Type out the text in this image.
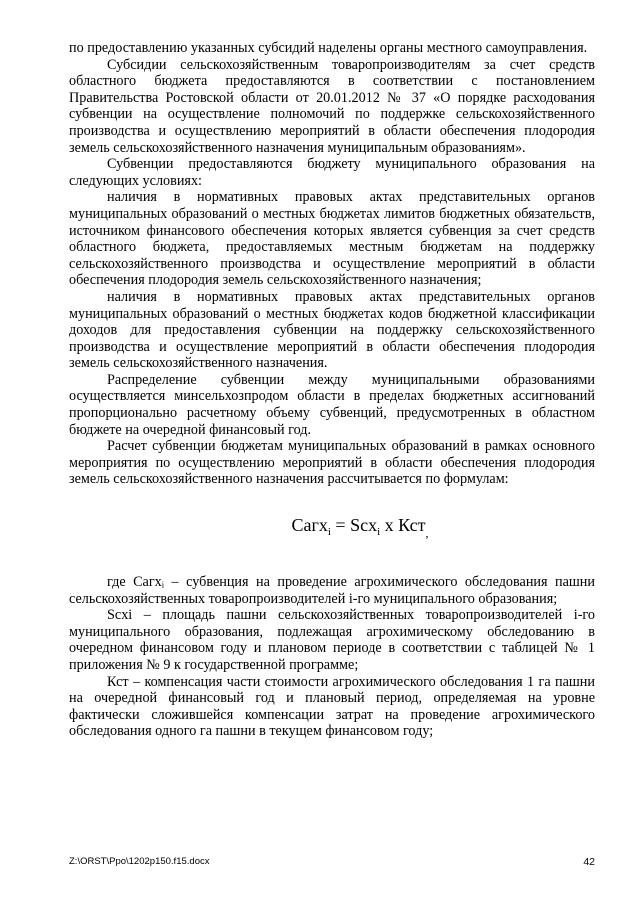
по предоставлению указанных субсидий наделены органы местного самоуправления.

Субсидии сельскохозяйственным товаропроизводителям за счет средств областного бюджета предоставляются в соответствии с постановлением Правительства Ростовской области от 20.01.2012 № 37 «О порядке расходования субвенции на осуществление полномочий по поддержке сельскохозяйственного производства и осуществлению мероприятий в области обеспечения плодородия земель сельскохозяйственного назначения муниципальным образованиям».

Субвенции предоставляются бюджету муниципального образования на следующих условиях:

наличия в нормативных правовых актах представительных органов муниципальных образований о местных бюджетах лимитов бюджетных обязательств, источником финансового обеспечения которых является субвенция за счет средств областного бюджета, предоставляемых местным бюджетам на поддержку сельскохозяйственного производства и осуществление мероприятий в области обеспечения плодородия земель сельскохозяйственного назначения;

наличия в нормативных правовых актах представительных органов муниципальных образований о местных бюджетах кодов бюджетной классификации доходов для предоставления субвенции на поддержку сельскохозяйственного производства и осуществление мероприятий в области обеспечения плодородия земель сельскохозяйственного назначения.

Распределение субвенции между муниципальными образованиями осуществляется минсельхозпродом области в пределах бюджетных ассигнований пропорционально расчетному объему субвенций, предусмотренных в областном бюджете на очередной финансовый год.

Расчет субвенции бюджетам муниципальных образований в рамках основного мероприятия по осуществлению мероприятий в области обеспечения плодородия земель сельскохозяйственного назначения рассчитывается по формулам:

Сагх$_i$ = Scx$_i$ х Кст$_,$

где Сагхᵢ – субвенция на проведение агрохимического обследования пашни сельскохозяйственных товаропроизводителей i-го муниципального образования;

Scxi – площадь пашни сельскохозяйственных товаропроизводителей i-го муниципального образования, подлежащая агрохимическому обследованию в очередном финансовом году и плановом периоде в соответствии с таблицей № 1 приложения № 9 к государственной программе;

Кст – компенсация части стоимости агрохимического обследования 1 га пашни на очередной финансовый год и плановый период, определяемая на уровне фактически сложившейся компенсации затрат на проведение агрохимического обследования одного га пашни в текущем финансовом году;

Z:\ORST\Ppo\1202p150.f15.docx	42
